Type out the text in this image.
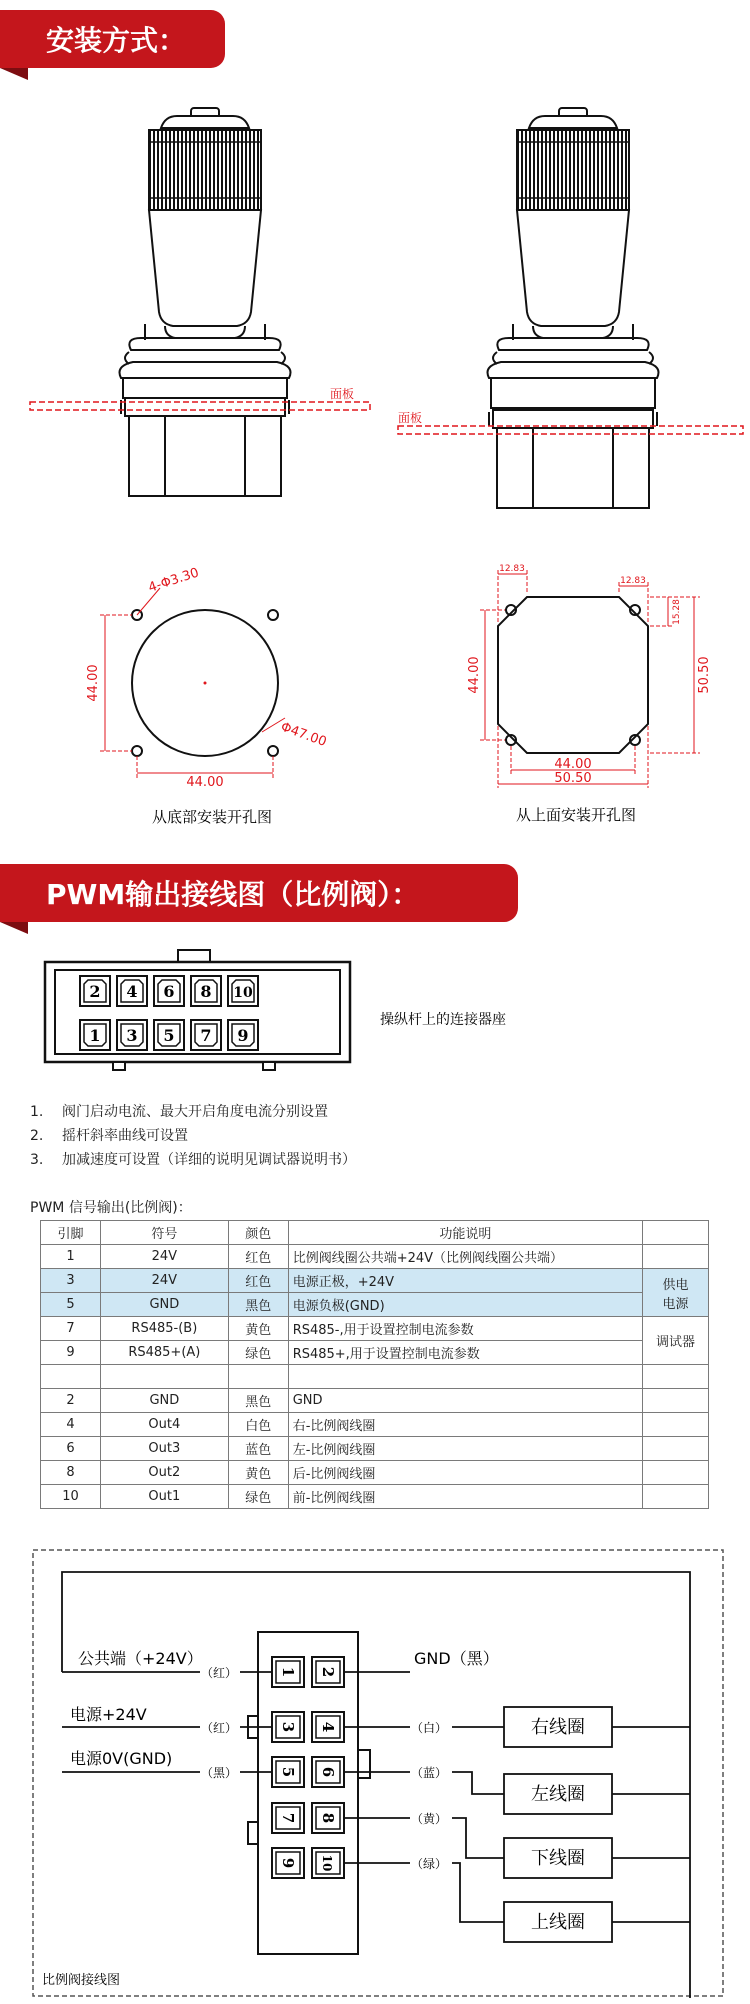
安装方式：
面板
面板
44.00
44.00
4-Φ3.30
Φ47.00
从底部安装开孔图
44.00	50.50
12.83
12.83
15.28
44.00
50.50
从上面安装开孔图
PWM输出接线图（比例阀）：
2 4 6 8 10
1 3 5 7 9
操纵杆上的连接器座
1.	阀门启动电流、最大开启角度电流分别设置
2.	摇杆斜率曲线可设置
3.	加减速度可设置（详细的说明见调试器说明书）
PWM 信号输出(比例阀)：
引脚	符号	颜色	功能说明	
1	24V	红色	比例阀线圈公共端+24V（比例阀线圈公共端）	
3	24V	红色	电源正极，+24V	供电
电源
5	GND	黑色	电源负极(GND)	
7	RS485-(B)	黄色	RS485-,用于设置控制电流参数	调试器
9	RS485+(A)	绿色	RS485+,用于设置控制电流参数	

2	GND	黑色	GND	
4	Out4	白色	右-比例阀线圈	
6	Out3	蓝色	左-比例阀线圈	
8	Out2	黄色	后-比例阀线圈	
10	Out1	绿色	前-比例阀线圈	
1
3
5
7
9
2
4
6
8
10
公共端（+24V）
电源+24V
电源0V(GND)
GND（黑）
右线圈
左线圈
下线圈
上线圈
（红）
（红）
（黑）
（白）
（蓝）
（黄）
（绿）
比例阀接线图
